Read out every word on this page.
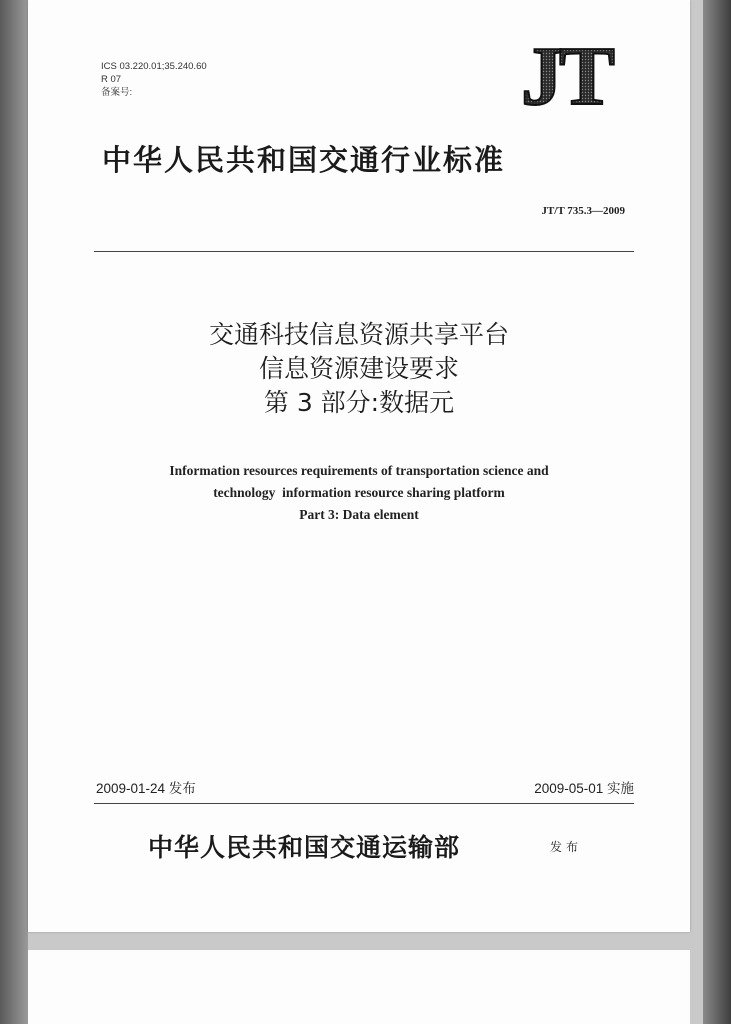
ICS 03.220.01;35.240.60
R 07
备案号:	JT
中华人民共和国交通行业标准
JT/T 735.3—2009
交通科技信息资源共享平台
信息资源建设要求
第 3 部分:数据元
Information resources requirements of transportation science and
technology  information resource sharing platform
Part 3: Data element
2009-01-24 发布	2009-05-01 实施
中华人民共和国交通运输部	发布
